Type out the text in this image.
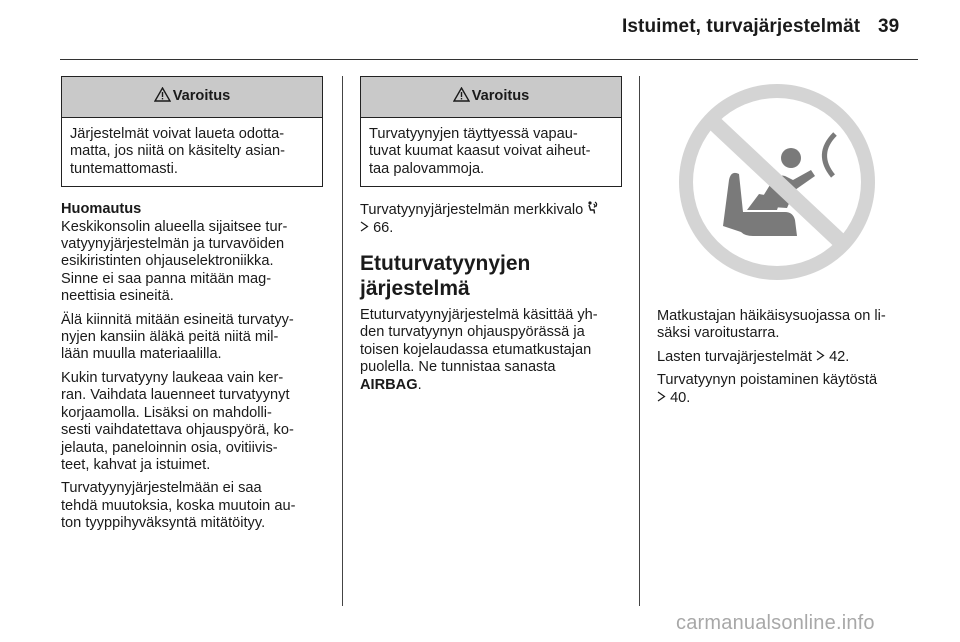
Istuimet, turvajärjestelmät 39
Varoitus
Järjestelmät voivat laueta odotta-
matta, jos niitä on käsitelty asian-
tuntemattomasti.
Huomautus
Keskikonsolin alueella sijaitsee tur-
vatyynyjärjestelmän ja turvavöiden
esikiristinten ohjauselektroniikka.
Sinne ei saa panna mitään mag-
neettisia esineitä.

Älä kiinnitä mitään esineitä turvatyy-
nyjen kansiin äläkä peitä niitä mil-
lään muulla materiaalilla.

Kukin turvatyyny laukeaa vain ker-
ran. Vaihdata lauenneet turvatyynyt
korjaamolla. Lisäksi on mahdolli-
sesti vaihdatettava ohjauspyörä, ko-
jelauta, paneloinnin osia, ovitiivis-
teet, kahvat ja istuimet.

Turvatyynyjärjestelmään ei saa
tehdä muutoksia, koska muutoin au-
ton tyyppihyväksyntä mitätöityy.

Varoitus
Turvatyynyjen täyttyessä vapau-
tuvat kuumat kaasut voivat aiheut-
taa palovammoja.

Turvatyynyjärjestelmän merkkivalo
66.

Etuturvatyynyjen
järjestelmä

Etuturvatyynyjärjestelmä käsittää yh-
den turvatyynyn ohjauspyörässä ja
toisen kojelaudassa etumatkustajan
puolella. Ne tunnistaa sanasta
AIRBAG.

Matkustajan häikäisysuojassa on li-
säksi varoitustarra.

Lasten turvajärjestelmät 42.

Turvatyynyn poistaminen käytöstä
40.

carmanualsonline.info
